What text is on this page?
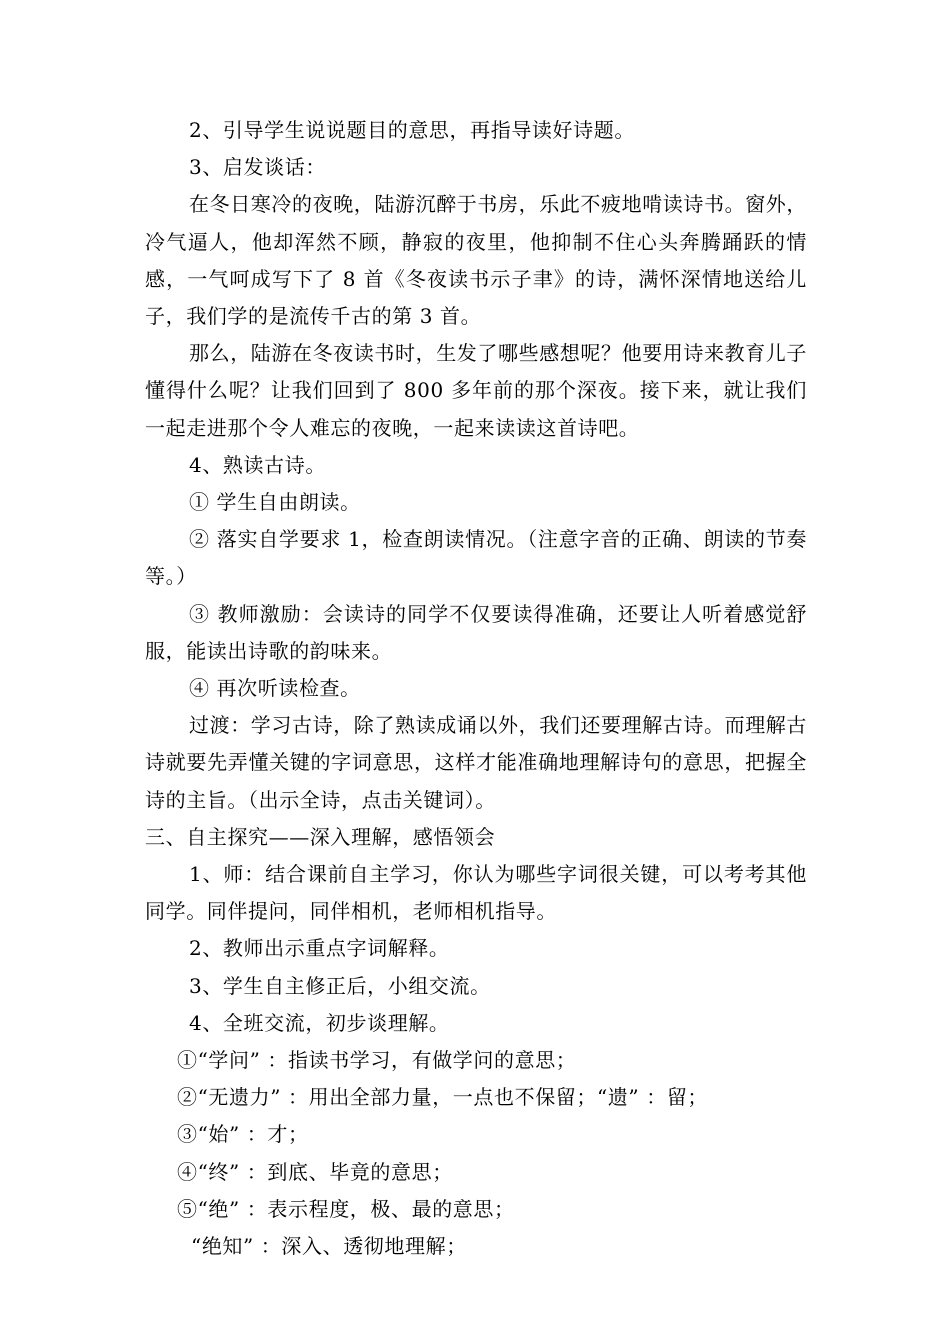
2、引导学生说说题目的意思，再指导读好诗题。

3、启发谈话：

在冬日寒冷的夜晚，陆游沉醉于书房，乐此不疲地啃读诗书。窗外，冷气逼人，他却浑然不顾，静寂的夜里，他抑制不住心头奔腾踊跃的情感，一气呵成写下了 8 首《冬夜读书示子聿》的诗，满怀深情地送给儿子，我们学的是流传千古的第 3 首。

那么，陆游在冬夜读书时，生发了哪些感想呢？他要用诗来教育儿子懂得什么呢？让我们回到了 800 多年前的那个深夜。接下来，就让我们一起走进那个令人难忘的夜晚，一起来读读这首诗吧。

4、熟读古诗。

① 学生自由朗读。

② 落实自学要求 1，检查朗读情况。（注意字音的正确、朗读的节奏等。）

③ 教师激励：会读诗的同学不仅要读得准确，还要让人听着感觉舒服，能读出诗歌的韵味来。

④ 再次听读检查。

过渡：学习古诗，除了熟读成诵以外，我们还要理解古诗。而理解古诗就要先弄懂关键的字词意思，这样才能准确地理解诗句的意思，把握全诗的主旨。（出示全诗，点击关键词）。

三、自主探究——深入理解，感悟领会

1、师：结合课前自主学习，你认为哪些字词很关键，可以考考其他同学。同伴提问，同伴相机，老师相机指导。

2、教师出示重点字词解释。

3、学生自主修正后，小组交流。

4、全班交流，初步谈理解。

①“学问” ：指读书学习，有做学问的意思；

②“无遗力” ：用出全部力量，一点也不保留；“遗” ：留；

③“始” ：才；

④“终” ：到底、毕竟的意思；

⑤“绝” ：表示程度，极、最的意思；

“绝知” ：深入、透彻地理解；
